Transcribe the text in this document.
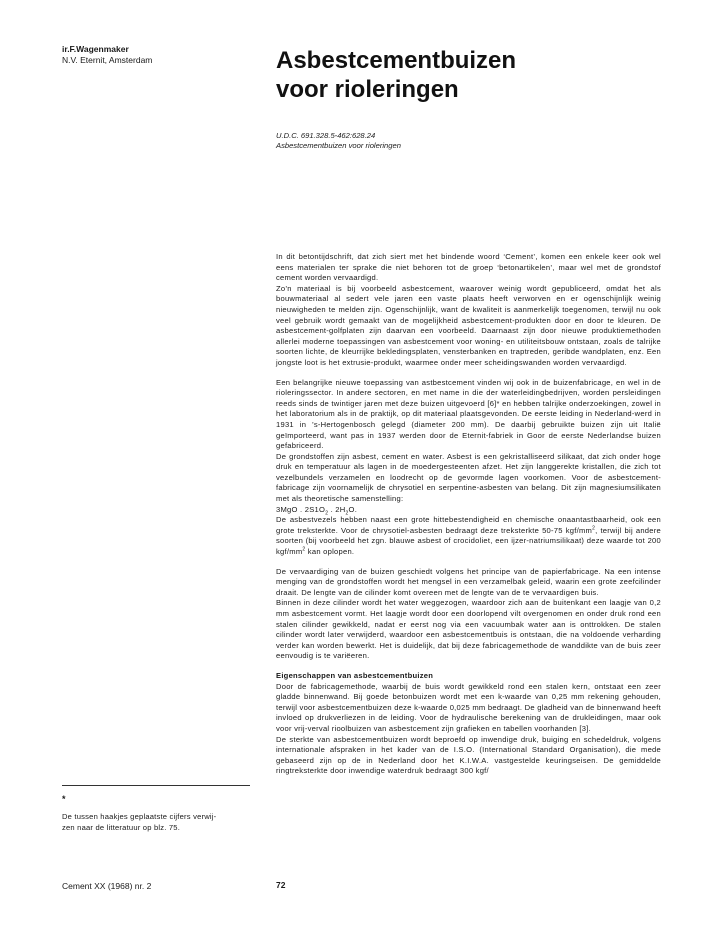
ir.F.Wagenmaker
N.V. Eternit, Amsterdam	Asbestcementbuizen
voor rioleringen
U.D.C. 691.328.5-462:628.24
Asbestcementbuizen voor rioleringen

In dit betontijdschrift, dat zich siert met het bindende woord ‘Cement’, komen een enkele keer ook wel eens materialen ter sprake die niet behoren tot de groep ‘betonartikelen’, maar wel met de grondstof cement worden vervaardigd.

Zo’n materiaal is bij voorbeeld asbestcement, waarover weinig wordt gepubliceerd, omdat het als bouwmateriaal al sedert vele jaren een vaste plaats heeft verworven en er ogenschijnlijk weinig nieuwigheden te melden zijn. Ogenschijnlijk, want de kwaliteit is aanmerkelijk toegenomen, terwijl nu ook veel gebruik wordt gemaakt van de mogelijkheid asbestcement-produkten door en door te kleuren. De asbestcement-golfplaten zijn daarvan een voorbeeld. Daarnaast zijn door nieuwe produktiemethoden allerlei moderne toepassingen van asbestcement voor woning- en utiliteitsbouw ontstaan, zoals de talrijke soorten lichte, de kleurrijke bekledingsplaten, vensterbanken en traptreden, geribde wandplaten, enz. Een jongste loot is het extrusie-produkt, waarmee onder meer scheidingswanden worden vervaardigd.

Een belangrijke nieuwe toepassing van astbestcement vinden wij ook in de buizenfabricage, en wel in de rioleringssector. In andere sectoren, en met name in die der waterleidingbedrijven, worden persleidingen reeds sinds de twintiger jaren met deze buizen uitgevoerd [6]* en hebben talrijke onderzoekingen, zowel in het laboratorium als in de praktijk, op dit materiaal plaatsgevonden. De eerste leiding in Nederland-werd in 1931 in ’s-Hertogenbosch gelegd (diameter 200 mm). De daarbij gebruikte buizen zijn uit Italië geïmporteerd, want pas in 1937 werden door de Eternit-fabriek in Goor de eerste Nederlandse buizen gefabriceerd.

De grondstoffen zijn asbest, cement en water. Asbest is een gekristalliseerd silikaat, dat zich onder hoge druk en temperatuur als lagen in de moedergesteenten afzet. Het zijn langgerekte kristallen, die zich tot vezelbundels verzamelen en loodrecht op de gevormde lagen voorkomen. Voor de asbestcement-fabricage zijn voornamelijk de chrysotiel en serpentine-asbesten van belang. Dit zijn magnesiumsilikaten met als theoretische samenstelling:

3MgO . $2S1O_2$ . $2H_2O$.

De asbestvezels hebben naast een grote hittebestendigheid en chemische onaantastbaarheid, ook een grote treksterkte. Voor de chrysotiel-asbesten bedraagt deze treksterkte 50-75 kgf/$mm^2$, terwijl bij andere soorten (bij voorbeeld het zgn. blauwe asbest of crocidoliet, een ijzer-natriumsilikaat) deze waarde tot 200 kgf/$mm^2$ kan oplopen.

De vervaardiging van de buizen geschiedt volgens het principe van de papierfabricage. Na een intense menging van de grondstoffen wordt het mengsel in een verzamelbak geleid, waarin een grote zeefcilinder draait. De lengte van de cilinder komt overeen met de lengte van de te vervaardigen buis.

Binnen in deze cilinder wordt het water weggezogen, waardoor zich aan de buitenkant een laagje van 0,2 mm asbestcement vormt. Het laagje wordt door een doorlopend vilt overgenomen en onder druk rond een stalen cilinder gewikkeld, nadat er eerst nog via een vacuumbak water aan is onttrokken. De stalen cilinder wordt later verwijderd, waardoor een asbestcementbuis is ontstaan, die na voldoende verharding verder kan worden bewerkt. Het is duidelijk, dat bij deze fabricagemethode de wanddikte van de buis zeer eenvoudig is te variëeren.

Eigenschappen van asbestcementbuizen

Door de fabricagemethode, waarbij de buis wordt gewikkeld rond een stalen kern, ontstaat een zeer gladde binnenwand. Bij goede betonbuizen wordt met een k-waarde van 0,25 mm rekening gehouden, terwijl voor asbestcementbuizen deze k-waarde 0,025 mm bedraagt. De gladheid van de binnenwand heeft invloed op drukverliezen in de leiding. Voor de hydraulische berekening van de drukleidingen, maar ook voor vrij-verval rioolbuizen van asbestcement zijn grafieken en tabellen voorhanden [3].

De sterkte van asbestcementbuizen wordt beproefd op inwendige druk, buiging en schedeldruk, volgens internationale afspraken in het kader van de I.S.O. (International Standard Organisation), die mede gebaseerd zijn op de in Nederland door het K.I.W.A. vastgestelde keuringseisen. De gemiddelde ringtreksterkte door inwendige waterdruk bedraagt 300 kgf/

*
De tussen haakjes geplaatste cijfers verwij-
zen naar de litteratuur op blz. 75.
Cement XX (1968) nr. 2	72
